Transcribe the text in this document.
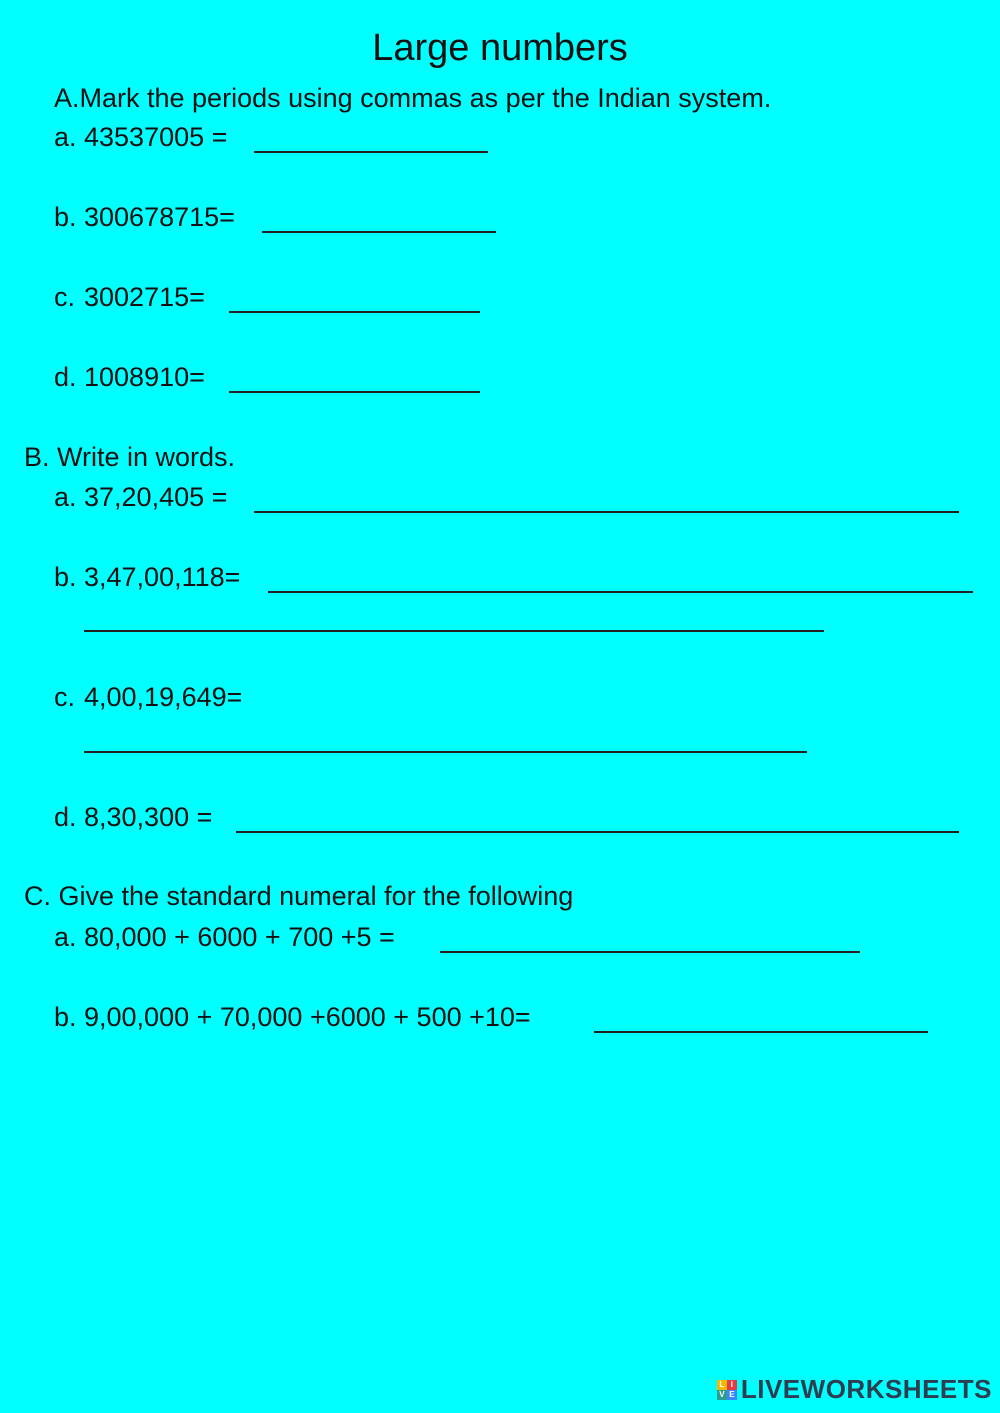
Large numbers
A.Mark the periods using commas as per the Indian system.
a. 43537005 =
b. 300678715=
c. 3002715=
d. 1008910=
B. Write in words.
a. 37,20,405 =
b. 3,47,00,118=
c. 4,00,19,649=
d. 8,30,300 =
C. Give the standard numeral for the following
a. 80,000 + 6000 + 700 +5 =
b. 9,00,000 + 70,000 +6000 + 500 +10=
L I
V E LIVEWORKSHEETS
